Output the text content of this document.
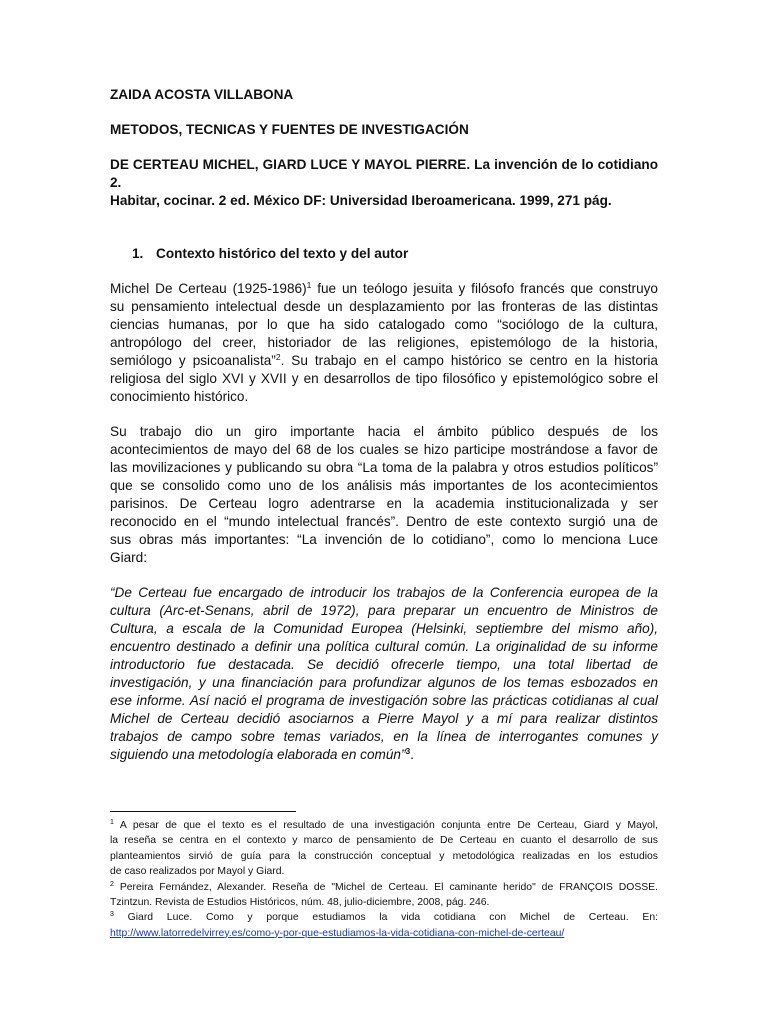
ZAIDA ACOSTA VILLABONA
METODOS, TECNICAS Y FUENTES DE INVESTIGACIÓN
DE CERTEAU MICHEL, GIARD LUCE Y MAYOL PIERRE. La invención de lo cotidiano 2.
Habitar, cocinar. 2 ed. México DF: Universidad Iberoamericana. 1999, 271 pág.
1. Contexto histórico del texto y del autor
Michel De Certeau (1925-1986)$^1$ fue un teólogo jesuita y filósofo francés que construyo
su pensamiento intelectual desde un desplazamiento por las fronteras de las distintas
ciencias humanas, por lo que ha sido catalogado como “sociólogo de la cultura,
antropólogo del creer, historiador de las religiones, epistemólogo de la historia,
semiólogo y psicoanalista”$^2$. Su trabajo en el campo histórico se centro en la historia
religiosa del siglo XVI y XVII y en desarrollos de tipo filosófico y epistemológico sobre el
conocimiento histórico.
Su trabajo dio un giro importante hacia el ámbito público después de los
acontecimientos de mayo del 68 de los cuales se hizo participe mostrándose a favor de
las movilizaciones y publicando su obra “La toma de la palabra y otros estudios políticos”
que se consolido como uno de los análisis más importantes de los acontecimientos
parisinos. De Certeau logro adentrarse en la academia institucionalizada y ser
reconocido en el “mundo intelectual francés”. Dentro de este contexto surgió una de
sus obras más importantes: “La invención de lo cotidiano”, como lo menciona Luce
Giard:
“De Certeau fue encargado de introducir los trabajos de la Conferencia europea de la
cultura (Arc-et-Senans, abril de 1972), para preparar un encuentro de Ministros de
Cultura, a escala de la Comunidad Europea (Helsinki, septiembre del mismo año),
encuentro destinado a definir una política cultural común. La originalidad de su informe
introductorio fue destacada. Se decidió ofrecerle tiempo, una total libertad de
investigación, y una financiación para profundizar algunos de los temas esbozados en
ese informe. Así nació el programa de investigación sobre las prácticas cotidianas al cual
Michel de Certeau decidió asociarnos a Pierre Mayol y a mí para realizar distintos
trabajos de campo sobre temas variados, en la línea de interrogantes comunes y
siguiendo una metodología elaborada en común”$^3$.
$^1$ A pesar de que el texto es el resultado de una investigación conjunta entre De Certeau, Giard y Mayol,
la reseña se centra en el contexto y marco de pensamiento de De Certeau en cuanto el desarrollo de sus
planteamientos sirvió de guía para la construcción conceptual y metodológica realizadas en los estudios
de caso realizados por Mayol y Giard.
$^2$ Pereira Fernández, Alexander. Reseña de "Michel de Certeau. El caminante herido" de FRANÇOIS DOSSE.
Tzintzun. Revista de Estudios Históricos, núm. 48, julio-diciembre, 2008, pág. 246.
$^3$ Giard Luce. Como y porque estudiamos la vida cotidiana con Michel de Certeau. En:
http://www.latorredelvirrey.es/como-y-por-que-estudiamos-la-vida-cotidiana-con-michel-de-certeau/
